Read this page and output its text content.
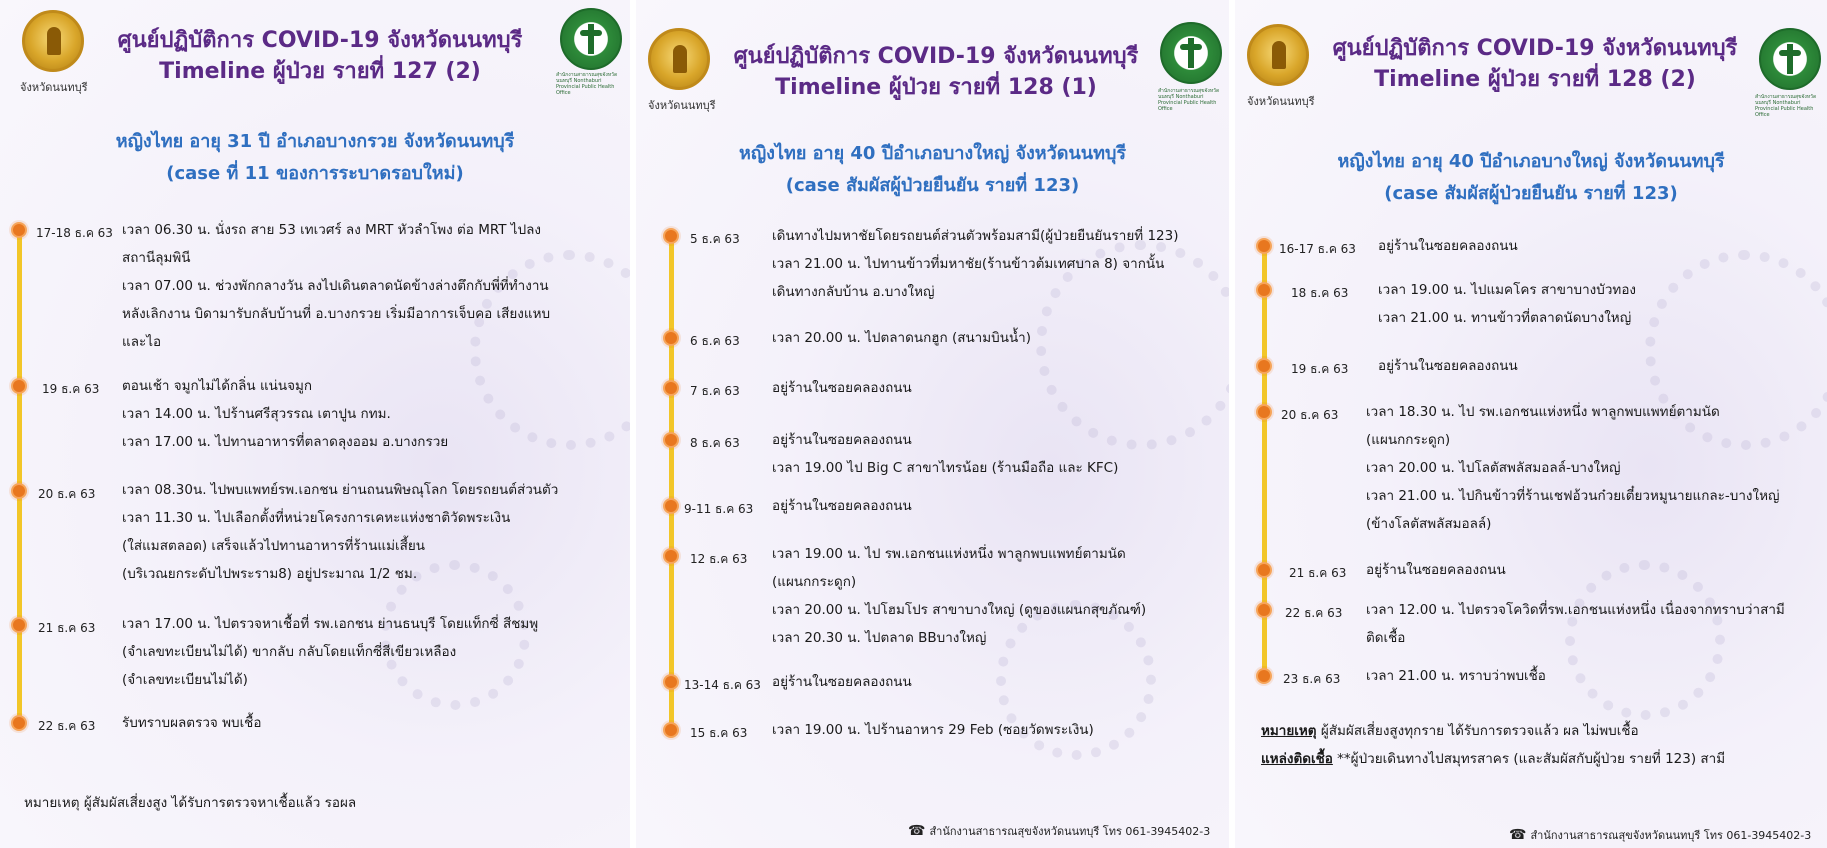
จังหวัดนนทบุรี
สำนักงานสาธารณสุขจังหวัดนนทบุรี Nonthaburi Provincial Public Health Office
ศูนย์ปฏิบัติการ COVID-19 จังหวัดนนทบุรี
Timeline ผู้ป่วย รายที่ 127 (2)
หญิงไทย อายุ 31 ปี อำเภอบางกรวย จังหวัดนนทบุรี
(case ที่ 11 ของการระบาดรอบใหม่)
17-18 ธ.ค 63 เวลา 06.30 น. นั่งรถ สาย 53 เทเวศร์ ลง MRT หัวลำโพง ต่อ MRT ไปลง
สถานีลุมพินี
เวลา 07.00 น. ช่วงพักกลางวัน ลงไปเดินตลาดนัดข้างล่างตึกกับพี่ที่ทำงาน
หลังเลิกงาน บิดามารับกลับบ้านที่ อ.บางกรวย เริ่มมีอาการเจ็บคอ เสียงแหบ
และไอ
19 ธ.ค 63 ตอนเช้า จมูกไม่ได้กลิ่น แน่นจมูก
เวลา 14.00 น. ไปร้านศรีสุวรรณ เตาปูน กทม.
เวลา 17.00 น. ไปทานอาหารที่ตลาดลุงออม อ.บางกรวย
20 ธ.ค 63 เวลา 08.30น. ไปพบแพทย์รพ.เอกชน ย่านถนนพิษณุโลก โดยรถยนต์ส่วนตัว
เวลา 11.30 น. ไปเลือกตั้งที่หน่วยโครงการเคหะแห่งชาติวัดพระเงิน
(ใส่แมสตลอด) เสร็จแล้วไปทานอาหารที่ร้านแม่เสี้ยน
(บริเวณยกระดับไปพระราม8) อยู่ประมาณ 1/2 ชม.
21 ธ.ค 63 เวลา 17.00 น. ไปตรวจหาเชื้อที่ รพ.เอกชน ย่านธนบุรี โดยแท็กซี่ สีชมพู
(จำเลขทะเบียนไม่ได้) ขากลับ กลับโดยแท็กซี่สีเขียวเหลือง
(จำเลขทะเบียนไม่ได้)
22 ธ.ค 63 รับทราบผลตรวจ พบเชื้อ
หมายเหตุ ผู้สัมผัสเสี่ยงสูง ได้รับการตรวจหาเชื้อแล้ว รอผล
จังหวัดนนทบุรี
สำนักงานสาธารณสุขจังหวัดนนทบุรี Nonthaburi Provincial Public Health Office
ศูนย์ปฏิบัติการ COVID-19 จังหวัดนนทบุรี
Timeline ผู้ป่วย รายที่ 128 (1)
หญิงไทย อายุ 40 ปีอำเภอบางใหญ่ จังหวัดนนทบุรี
(case สัมผัสผู้ป่วยยืนยัน รายที่ 123)
5 ธ.ค 63 เดินทางไปมหาชัยโดยรถยนต์ส่วนตัวพร้อมสามี(ผู้ป่วยยืนยันรายที่ 123)
เวลา 21.00 น. ไปทานข้าวที่มหาชัย(ร้านข้าวต้มเทศบาล 8) จากนั้น
เดินทางกลับบ้าน อ.บางใหญ่
6 ธ.ค 63 เวลา 20.00 น. ไปตลาดนกฮูก (สนามบินน้ำ)
7 ธ.ค 63 อยู่ร้านในซอยคลองถนน
8 ธ.ค 63 อยู่ร้านในซอยคลองถนน
เวลา 19.00 ไป Big C สาขาไทรน้อย (ร้านมือถือ และ KFC)
9-11 ธ.ค 63 อยู่ร้านในซอยคลองถนน
12 ธ.ค 63 เวลา 19.00 น. ไป รพ.เอกชนแห่งหนึ่ง พาลูกพบแพทย์ตามนัด
(แผนกกระดูก)
เวลา 20.00 น. ไปโฮมโปร สาขาบางใหญ่ (ดูของแผนกสุขภัณฑ์)
เวลา 20.30 น. ไปตลาด BBบางใหญ่
13-14 ธ.ค 63 อยู่ร้านในซอยคลองถนน
15 ธ.ค 63 เวลา 19.00 น. ไปร้านอาหาร 29 Feb (ซอยวัดพระเงิน)
☎ สำนักงานสาธารณสุขจังหวัดนนทบุรี โทร 061-3945402-3
จังหวัดนนทบุรี	สำนักงานสาธารณสุขจังหวัดนนทบุรี Nonthaburi Provincial Public Health Office
ศูนย์ปฏิบัติการ COVID-19 จังหวัดนนทบุรี
Timeline ผู้ป่วย รายที่ 128 (2)
หญิงไทย อายุ 40 ปีอำเภอบางใหญ่ จังหวัดนนทบุรี
(case สัมผัสผู้ป่วยยืนยัน รายที่ 123)
16-17 ธ.ค 63 อยู่ร้านในซอยคลองถนน
18 ธ.ค 63 เวลา 19.00 น. ไปแมคโคร สาขาบางบัวทอง
เวลา 21.00 น. ทานข้าวที่ตลาดนัดบางใหญ่
19 ธ.ค 63 อยู่ร้านในซอยคลองถนน
20 ธ.ค 63 เวลา 18.30 น. ไป รพ.เอกชนแห่งหนึ่ง พาลูกพบแพทย์ตามนัด
(แผนกกระดูก)
เวลา 20.00 น. ไปโลตัสพลัสมอลล์-บางใหญ่
เวลา 21.00 น. ไปกินข้าวที่ร้านเชฟอ้วนก๋วยเตี๋ยวหมูนายแกละ-บางใหญ่
(ข้างโลตัสพลัสมอลล์)
21 ธ.ค 63 อยู่ร้านในซอยคลองถนน
22 ธ.ค 63 เวลา 12.00 น. ไปตรวจโควิดที่รพ.เอกชนแห่งหนึ่ง เนื่องจากทราบว่าสามี
ติดเชื้อ
23 ธ.ค 63 เวลา 21.00 น. ทราบว่าพบเชื้อ
หมายเหตุ ผู้สัมผัสเสี่ยงสูงทุกราย ได้รับการตรวจแล้ว ผล ไม่พบเชื้อ
แหล่งติดเชื้อ **ผู้ป่วยเดินทางไปสมุทรสาคร (และสัมผัสกับผู้ป่วย รายที่ 123) สามี
☎ สำนักงานสาธารณสุขจังหวัดนนทบุรี โทร 061-3945402-3
